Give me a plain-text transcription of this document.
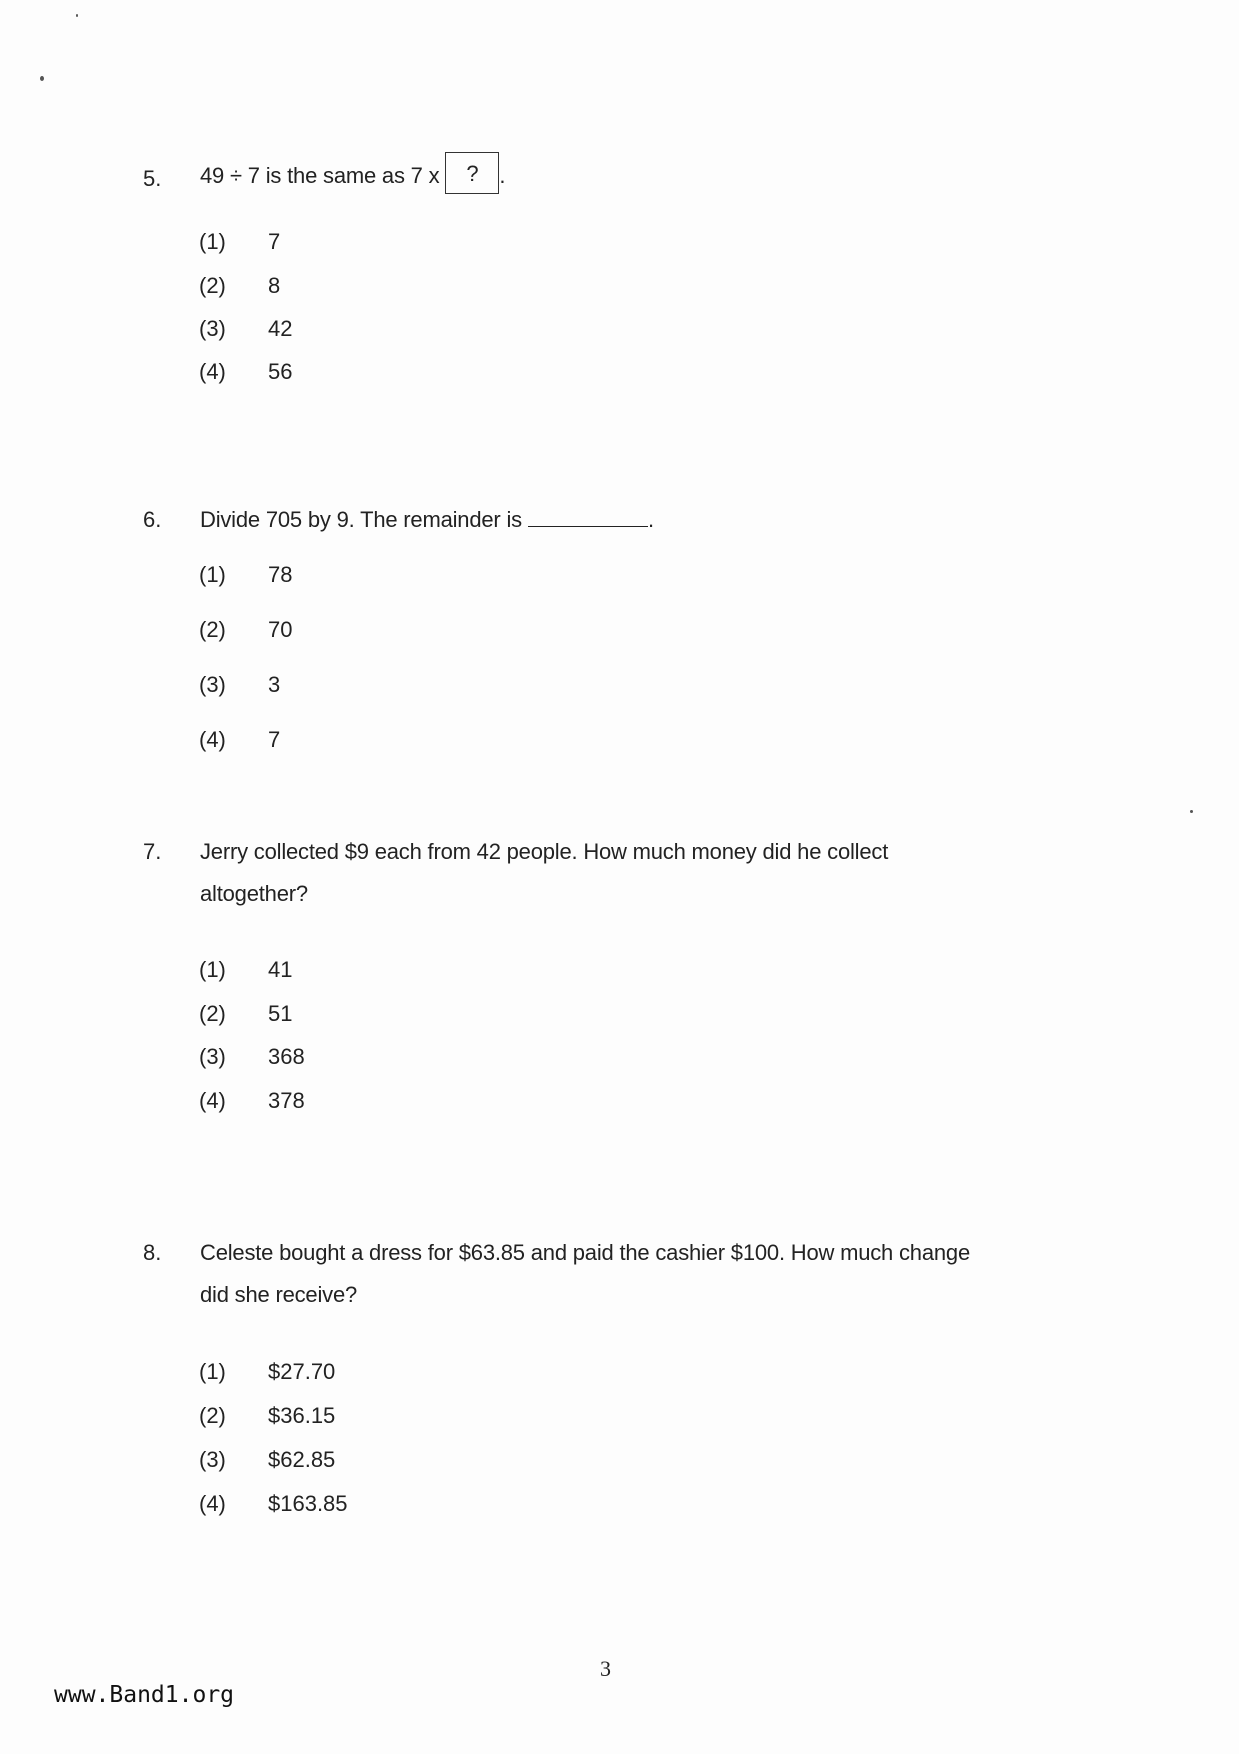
5. 49 ÷ 7 is the same as 7 x ? .
(1) 7
(2) 8
(3) 42
(4) 56
6. Divide 705 by 9. The remainder is	.
(1) 78
(2) 70
(3) 3
(4) 7
7. Jerry collected $9 each from 42 people. How much money did he collect
altogether?
(1) 41
(2) 51
(3) 368
(4) 378
8. Celeste bought a dress for $63.85 and paid the cashier $100. How much change
did she receive?
(1) $27.70
(2) $36.15
(3) $62.85
(4) $163.85
3
www.Band1.org
